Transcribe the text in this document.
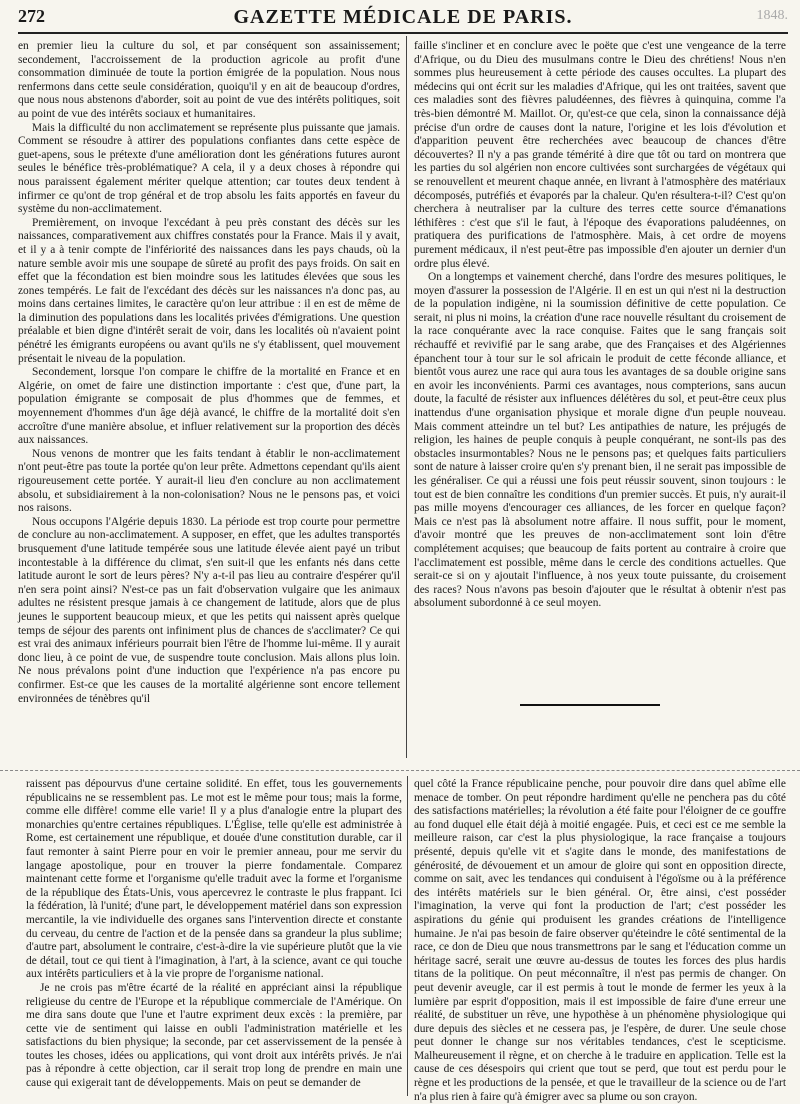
272	GAZETTE MÉDICALE DE PARIS.	1848.

en premier lieu la culture du sol, et par conséquent son assainissement; secondement, l'accroissement de la production agricole au profit d'une consommation diminuée de toute la portion émigrée de la population. Nous nous renfermons dans cette seule considération, quoiqu'il y en ait de beaucoup d'ordres, que nous nous abstenons d'aborder, soit au point de vue des intérêts politiques, soit au point de vue des intérêts sociaux et humanitaires.

Mais la difficulté du non acclimatement se représente plus puissante que jamais. Comment se résoudre à attirer des populations confiantes dans cette espèce de guet-apens, sous le prétexte d'une amélioration dont les générations futures auront seules le bénéfice très-problématique? A cela, il y a deux choses à répondre qui nous paraissent également mériter quelque attention; car toutes deux tendent à infirmer ce qu'ont de trop général et de trop absolu les faits apportés en faveur du système du non-acclimatement.

Premièrement, on invoque l'excédant à peu près constant des décès sur les naissances, comparativement aux chiffres constatés pour la France. Mais il y avait, et il y a à tenir compte de l'infériorité des naissances dans les pays chauds, où la nature semble avoir mis une soupape de sûreté au profit des pays froids. On sait en effet que la fécondation est bien moindre sous les latitudes élevées que sous les zones tempérés. Le fait de l'excédant des décès sur les naissances n'a donc pas, au moins dans certaines limites, le caractère qu'on leur attribue : il en est de même de la diminution des populations dans les localités privées d'émigrations. Une question préalable et bien digne d'intérêt serait de voir, dans les localités où n'avaient point pénétré les émigrants européens ou avant qu'ils ne s'y établissent, quel mouvement présentait le niveau de la population.

Secondement, lorsque l'on compare le chiffre de la mortalité en France et en Algérie, on omet de faire une distinction importante : c'est que, d'une part, la population émigrante se composait de plus d'hommes que de femmes, et moyennement d'hommes d'un âge déjà avancé, le chiffre de la mortalité doit s'en accroître d'une manière absolue, et influer relativement sur la proportion des décès aux naissances.

Nous venons de montrer que les faits tendant à établir le non-acclimatement n'ont peut-être pas toute la portée qu'on leur prête. Admettons cependant qu'ils aient rigoureusement cette portée. Y aurait-il lieu d'en conclure au non acclimatement absolu, et subsidiairement à la non-colonisation? Nous ne le pensons pas, et voici nos raisons.

Nous occupons l'Algérie depuis 1830. La période est trop courte pour permettre de conclure au non-acclimatement. A supposer, en effet, que les adultes transportés brusquement d'une latitude tempérée sous une latitude élevée aient payé un tribut incontestable à la différence du climat, s'en suit-il que les enfants nés dans cette latitude auront le sort de leurs pères? N'y a-t-il pas lieu au contraire d'espérer qu'il n'en sera point ainsi? N'est-ce pas un fait d'observation vulgaire que les animaux adultes ne résistent presque jamais à ce changement de latitude, alors que de plus jeunes le supportent beaucoup mieux, et que les petits qui naissent après quelque temps de séjour des parents ont infiniment plus de chances de s'acclimater? Ce qui est vrai des animaux inférieurs pourrait bien l'être de l'homme lui-même. Il y aurait donc lieu, à ce point de vue, de suspendre toute conclusion. Mais allons plus loin. Ne nous prévalons point d'une induction que l'expérience n'a pas encore pu confirmer. Est-ce que les causes de la mortalité algérienne sont encore tellement environnées de ténèbres qu'il

faille s'incliner et en conclure avec le poëte que c'est une vengeance de la terre d'Afrique, ou du Dieu des musulmans contre le Dieu des chrétiens! Nous n'en sommes plus heureusement à cette période des causes occultes. La plupart des médecins qui ont écrit sur les maladies d'Afrique, qui les ont traitées, savent que ces maladies sont des fièvres paludéennes, des fièvres à quinquina, comme l'a très-bien démontré M. Maillot. Or, qu'est-ce que cela, sinon la connaissance déjà précise d'un ordre de causes dont la nature, l'origine et les lois d'évolution et d'apparition peuvent être recherchées avec beaucoup de chances d'être découvertes? Il n'y a pas grande témérité à dire que tôt ou tard on montrera que les parties du sol algérien non encore cultivées sont surchargées de végétaux qui se renouvellent et meurent chaque année, en livrant à l'atmosphère des matériaux décomposés, putréfiés et évaporés par la chaleur. Qu'en résultera-t-il? C'est qu'on cherchera à neutraliser par la culture des terres cette source d'émanations léthifères : c'est que s'il le faut, à l'époque des évaporations paludéennes, on pratiquera des purifications de l'atmosphère. Mais, à cet ordre de moyens purement médicaux, il n'est peut-être pas impossible d'en ajouter un dernier d'un ordre plus élevé.

On a longtemps et vainement cherché, dans l'ordre des mesures politiques, le moyen d'assurer la possession de l'Algérie. Il en est un qui n'est ni la destruction de la population indigène, ni la soumission définitive de cette population. Ce serait, ni plus ni moins, la création d'une race nouvelle résultant du croisement de la race conquérante avec la race conquise. Faites que le sang français soit réchauffé et revivifié par le sang arabe, que des Françaises et des Algériennes épanchent tour à tour sur le sol africain le produit de cette féconde alliance, et bientôt vous aurez une race qui aura tous les avantages de sa double origine sans en avoir les inconvénients. Parmi ces avantages, nous compterions, sans aucun doute, la faculté de résister aux influences délétères du sol, et peut-être ceux plus inattendus d'une organisation physique et morale digne d'un peuple nouveau. Mais comment atteindre un tel but? Les antipathies de nature, les préjugés de religion, les haines de peuple conquis à peuple conquérant, ne sont-ils pas des obstacles insurmontables? Nous ne le pensons pas; et quelques faits particuliers sont de nature à laisser croire qu'en s'y prenant bien, il ne serait pas impossible de les généraliser. Ce qui a réussi une fois peut réussir souvent, sinon toujours : le tout est de bien connaître les conditions d'un premier succès. Et puis, n'y aurait-il pas mille moyens d'encourager ces alliances, de les forcer en quelque façon? Mais ce n'est pas là absolument notre affaire. Il nous suffit, pour le moment, d'avoir montré que les preuves de non-acclimatement sont loin d'être complétement acquises; que beaucoup de faits portent au contraire à croire que l'acclimatement est possible, même dans le cercle des conditions actuelles. Que serait-ce si on y ajoutait l'influence, à nos yeux toute puissante, du croisement des races? Nous n'avons pas besoin d'ajouter que le résultat à obtenir n'est pas absolument subordonné à ce seul moyen.

raissent pas dépourvus d'une certaine solidité. En effet, tous les gouvernements républicains ne se ressemblent pas. Le mot est le même pour tous; mais la forme, comme elle diffère! comme elle varie! Il y a plus d'analogie entre la plupart des monarchies qu'entre certaines républiques. L'Église, telle qu'elle est administrée à Rome, est certainement une république, et douée d'une constitution durable, car il faut remonter à saint Pierre pour en voir le premier anneau, pour me servir du langage apostolique, pour en trouver la pierre fondamentale. Comparez maintenant cette forme et l'organisme qu'elle traduit avec la forme et l'organisme de la république des États-Unis, vous apercevrez le contraste le plus frappant. Ici la fédération, là l'unité; d'une part, le développement matériel dans son expression mercantile, la vie individuelle des organes sans l'intervention directe et constante du cerveau, du centre de l'action et de la pensée dans sa grandeur la plus sublime; d'autre part, absolument le contraire, c'est-à-dire la vie supérieure plutôt que la vie de détail, tout ce qui tient à l'imagination, à l'art, à la science, avant ce qui touche aux intérêts particuliers et à la vie propre de l'organisme national.

Je ne crois pas m'être écarté de la réalité en appréciant ainsi la république religieuse du centre de l'Europe et la république commerciale de l'Amérique. On me dira sans doute que l'une et l'autre expriment deux excès : la première, par cette vie de sentiment qui laisse en oubli l'administration matérielle et les satisfactions du bien physique; la seconde, par cet asservissement de la pensée à toutes les choses, idées ou applications, qui vont droit aux intérêts privés. Je n'ai pas à répondre à cette objection, car il serait trop long de prendre en main une cause qui exigerait tant de développements. Mais on peut se demander de

quel côté la France républicaine penche, pour pouvoir dire dans quel abîme elle menace de tomber. On peut répondre hardiment qu'elle ne penchera pas du côté des satisfactions matérielles; la révolution a été faite pour l'éloigner de ce gouffre au fond duquel elle était déjà à moitié engagée. Puis, et ceci est ce me semble la meilleure raison, car c'est la plus physiologique, la race française a toujours présenté, depuis qu'elle vit et s'agite dans le monde, des manifestations de générosité, de dévouement et un amour de gloire qui sont en opposition directe, comme on sait, avec les tendances qui conduisent à l'égoïsme ou à la préférence des intérêts matériels sur le bien général. Or, être ainsi, c'est posséder l'imagination, la verve qui font la production de l'art; c'est posséder les aspirations du génie qui produisent les grandes créations de l'intelligence humaine. Je n'ai pas besoin de faire observer qu'éteindre le côté sentimental de la race, ce don de Dieu que nous transmettrons par le sang et l'éducation comme un héritage sacré, serait une œuvre au-dessus de toutes les forces des plus hardis titans de la politique. On peut méconnaître, il n'est pas permis de changer. On peut devenir aveugle, car il est permis à tout le monde de fermer les yeux à la lumière par esprit d'opposition, mais il est impossible de faire d'une erreur une réalité, de substituer un rêve, une hypothèse à un phénomène physiologique qui dure depuis des siècles et ne cessera pas, je l'espère, de durer. Une seule chose peut donner le change sur nos véritables tendances, c'est le scepticisme. Malheureusement il règne, et on cherche à le traduire en application. Telle est la cause de ces désespoirs qui crient que tout se perd, que tout est perdu pour le règne et les productions de la pensée, et que le travailleur de la science ou de l'art n'a plus rien à faire qu'à émigrer avec sa plume ou son crayon.
